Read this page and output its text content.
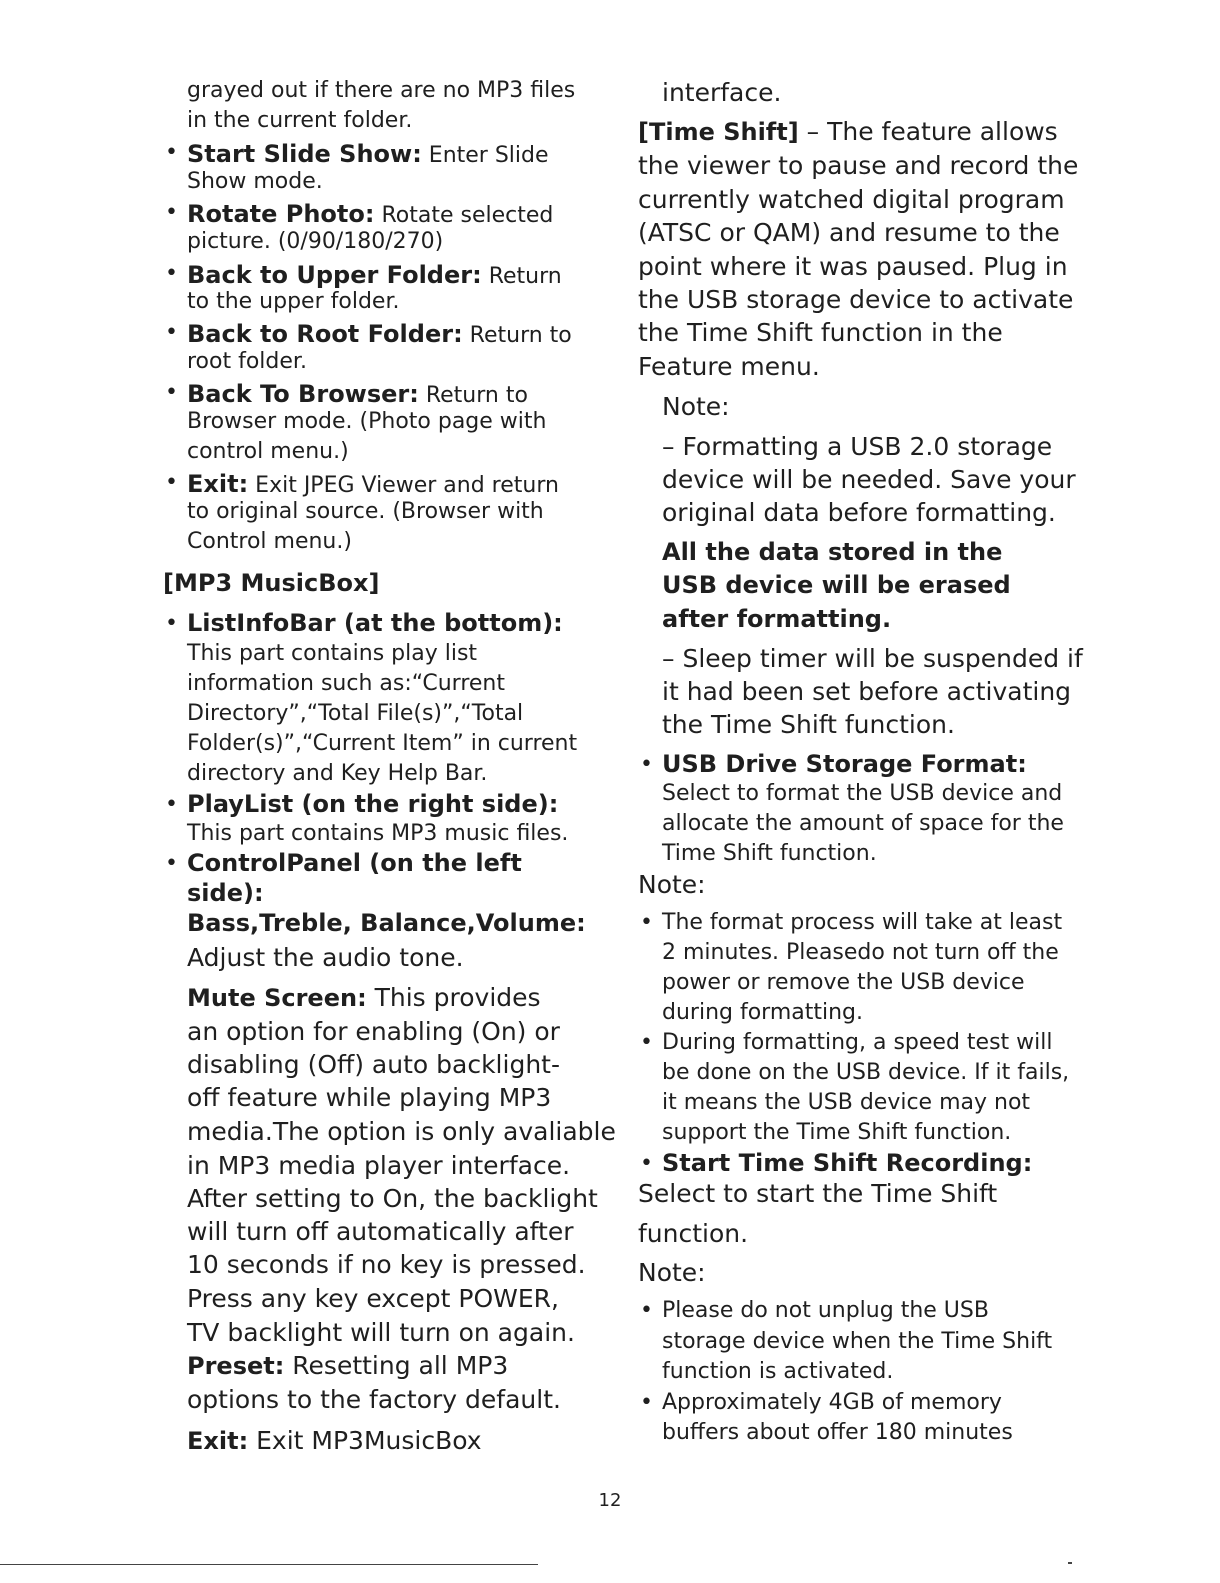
grayed out if there are no MP3 files
in the current folder.
• Start Slide Show: Enter Slide
Show mode.
• Rotate Photo: Rotate selected
picture. (0/90/180/270)
• Back to Upper Folder: Return
to the upper folder.
• Back to Root Folder: Return to
root folder.
• Back To Browser: Return to
Browser mode. (Photo page with
control menu.)
• Exit: Exit JPEG Viewer and return
to original source. (Browser with
Control menu.)
[MP3 MusicBox]
• ListInfoBar (at the bottom):
This part contains play list
information such as:“Current
Directory”,“Total File(s)”,“Total
Folder(s)”,“Current Item” in current
directory and Key Help Bar.
• PlayList (on the right side):
This part contains MP3 music files.
• ControlPanel (on the left
side):
Bass,Treble, Balance,Volume:
Adjust the audio tone.
Mute Screen: This provides
an option for enabling (On) or
disabling (Off) auto backlight-
off feature while playing MP3
media.The option is only avaliable
in MP3 media player interface.
After setting to On, the backlight
will turn off automatically after
10 seconds if no key is pressed.
Press any key except POWER,
TV backlight will turn on again.
Preset: Resetting all MP3
options to the factory default.
Exit: Exit MP3MusicBox
interface.
[Time Shift] – The feature allows
the viewer to pause and record the
currently watched digital program
(ATSC or QAM) and resume to the
point where it was paused. Plug in
the USB storage device to activate
the Time Shift function in the
Feature menu.
Note:
– Formatting a USB 2.0 storage
device will be needed. Save your
original data before formatting.
All the data stored in the
USB device will be erased
after formatting.
– Sleep timer will be suspended if
it had been set before activating
the Time Shift function.
• USB Drive Storage Format:
Select to format the USB device and
allocate the amount of space for the
Time Shift function.
Note:
• The format process will take at least
2 minutes. Pleasedo not turn off the
power or remove the USB device
during formatting.
• During formatting, a speed test will
be done on the USB device. If it fails,
it means the USB device may not
support the Time Shift function.
• Start Time Shift Recording:
Select to start the Time Shift
function.
Note:
• Please do not unplug the USB
storage device when the Time Shift
function is activated.
• Approximately 4GB of memory
buffers about offer 180 minutes
12
